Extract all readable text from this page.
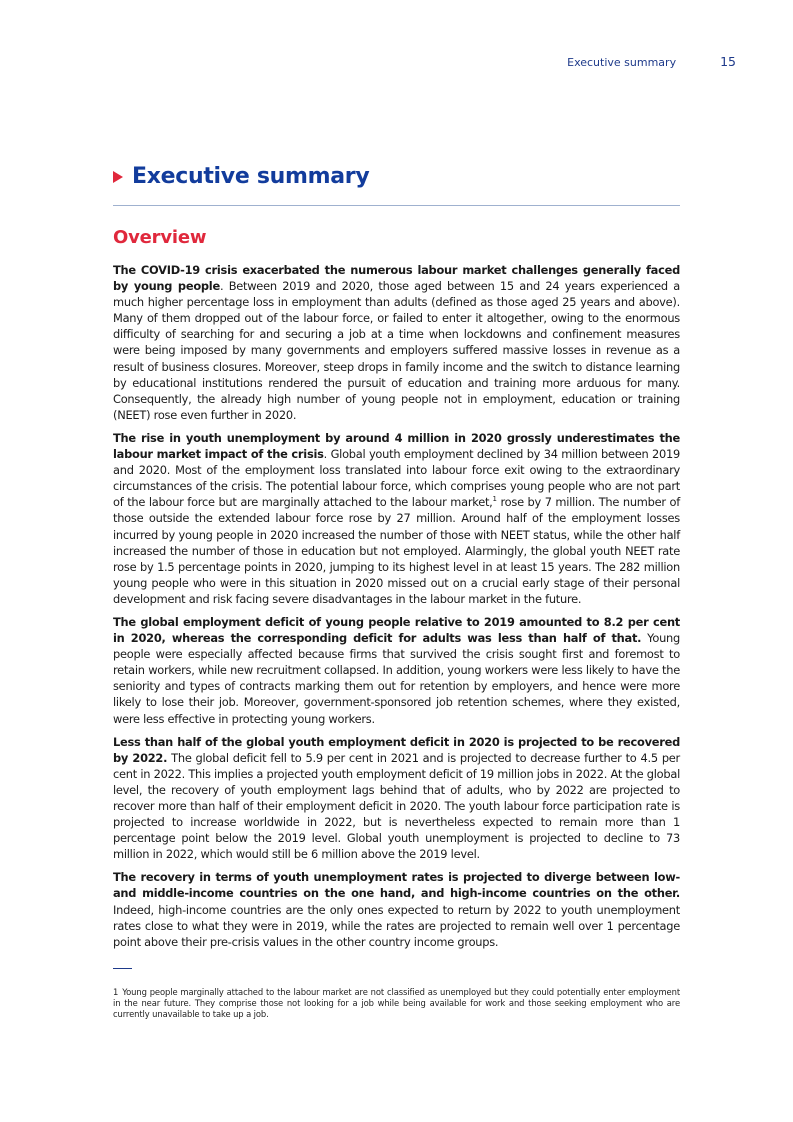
Executive summary	15
Executive summary
Overview

The COVID-19 crisis exacerbated the numerous labour market challenges generally faced by young people. Between 2019 and 2020, those aged between 15 and 24 years experienced a much higher percentage loss in employment than adults (defined as those aged 25 years and above). Many of them dropped out of the labour force, or failed to enter it altogether, owing to the enormous difficulty of searching for and securing a job at a time when lockdowns and confinement measures were being imposed by many governments and employers suffered massive losses in revenue as a result of business closures. Moreover, steep drops in family income and the switch to distance learning by educational institutions rendered the pursuit of education and training more arduous for many. Consequently, the already high number of young people not in employment, education or training (NEET) rose even further in 2020.

The rise in youth unemployment by around 4 million in 2020 grossly underestimates the labour market impact of the crisis. Global youth employment declined by 34 million between 2019 and 2020. Most of the employment loss translated into labour force exit owing to the extraordinary circumstances of the crisis. The potential labour force, which comprises young people who are not part of the labour force but are marginally attached to the labour market,$^1$ rose by 7 million. The number of those outside the extended labour force rose by 27 million. Around half of the employment losses incurred by young people in 2020 increased the number of those with NEET status, while the other half increased the number of those in education but not employed. Alarmingly, the global youth NEET rate rose by 1.5 percentage points in 2020, jumping to its highest level in at least 15 years. The 282 million young people who were in this situation in 2020 missed out on a crucial early stage of their personal development and risk facing severe disadvantages in the labour market in the future.

The global employment deficit of young people relative to 2019 amounted to 8.2 per cent in 2020, whereas the corresponding deficit for adults was less than half of that. Young people were especially affected because firms that survived the crisis sought first and foremost to retain workers, while new recruitment collapsed. In addition, young workers were less likely to have the seniority and types of contracts marking them out for retention by employers, and hence were more likely to lose their job. Moreover, government-sponsored job retention schemes, where they existed, were less effective in protecting young workers.

Less than half of the global youth employment deficit in 2020 is projected to be recovered by 2022. The global deficit fell to 5.9 per cent in 2021 and is projected to decrease further to 4.5 per cent in 2022. This implies a projected youth employment deficit of 19 million jobs in 2022. At the global level, the recovery of youth employment lags behind that of adults, who by 2022 are projected to recover more than half of their employment deficit in 2020. The youth labour force participation rate is projected to increase worldwide in 2022, but is nevertheless expected to remain more than 1 percentage point below the 2019 level. Global youth unemployment is projected to decline to 73 million in 2022, which would still be 6 million above the 2019 level.

The recovery in terms of youth unemployment rates is projected to diverge between low- and middle-income countries on the one hand, and high-income countries on the other. Indeed, high-income countries are the only ones expected to return by 2022 to youth unemployment rates close to what they were in 2019, while the rates are projected to remain well over 1 percentage point above their pre-crisis values in the other country income groups.

1 Young people marginally attached to the labour market are not classified as unemployed but they could potentially enter employment in the near future. They comprise those not looking for a job while being available for work and those seeking employment who are currently unavailable to take up a job.
